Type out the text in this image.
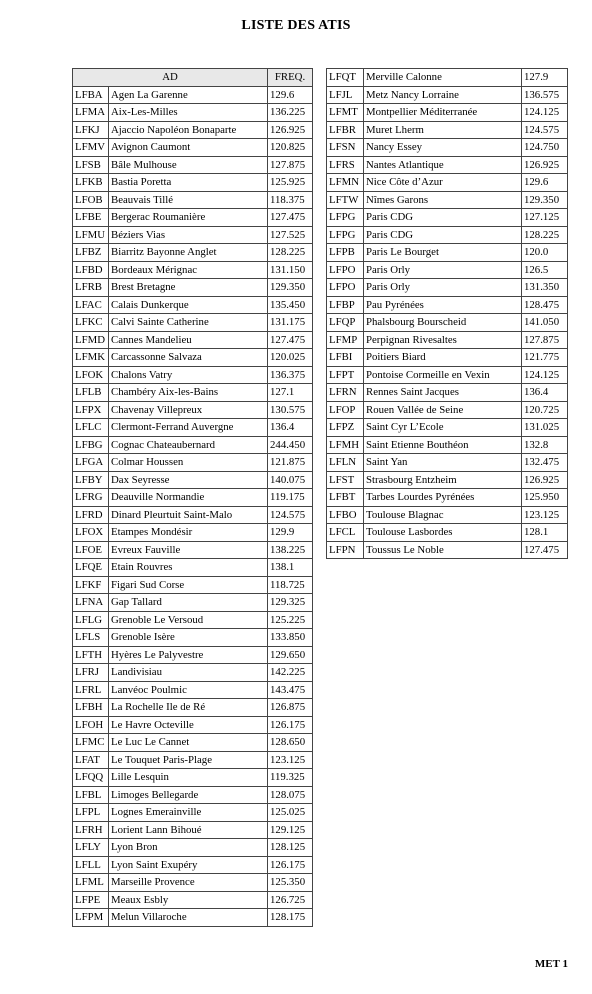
LISTE DES ATIS
AD		FREQ.
LFBA	Agen La Garenne	129.6
LFMA	Aix-Les-Milles	136.225
LFKJ	Ajaccio Napoléon Bonaparte	126.925
LFMV	Avignon Caumont	120.825
LFSB	Bâle Mulhouse	127.875
LFKB	Bastia Poretta	125.925
LFOB	Beauvais Tillé	118.375
LFBE	Bergerac Roumanière	127.475
LFMU	Béziers Vias	127.525
LFBZ	Biarritz Bayonne Anglet	128.225
LFBD	Bordeaux Mérignac	131.150
LFRB	Brest Bretagne	129.350
LFAC	Calais Dunkerque	135.450
LFKC	Calvi Sainte Catherine	131.175
LFMD	Cannes Mandelieu	127.475
LFMK	Carcassonne Salvaza	120.025
LFOK	Chalons Vatry	136.375
LFLB	Chambéry Aix-les-Bains	127.1
LFPX	Chavenay Villepreux	130.575
LFLC	Clermont-Ferrand Auvergne	136.4
LFBG	Cognac Chateaubernard	244.450
LFGA	Colmar Houssen	121.875
LFBY	Dax Seyresse	140.075
LFRG	Deauville Normandie	119.175
LFRD	Dinard Pleurtuit Saint-Malo	124.575
LFOX	Etampes Mondésir	129.9
LFOE	Evreux Fauville	138.225
LFQE	Etain Rouvres	138.1
LFKF	Figari Sud Corse	118.725
LFNA	Gap Tallard	129.325
LFLG	Grenoble Le Versoud	125.225
LFLS	Grenoble Isère	133.850
LFTH	Hyères Le Palyvestre	129.650
LFRJ	Landivisiau	142.225
LFRL	Lanvéoc Poulmic	143.475
LFBH	La Rochelle Ile de Ré	126.875
LFOH	Le Havre Octeville	126.175
LFMC	Le Luc Le Cannet	128.650
LFAT	Le Touquet Paris-Plage	123.125
LFQQ	Lille Lesquin	119.325
LFBL	Limoges Bellegarde	128.075
LFPL	Lognes Emerainville	125.025
LFRH	Lorient Lann Bihoué	129.125
LFLY	Lyon Bron	128.125
LFLL	Lyon Saint Exupéry	126.175
LFML	Marseille Provence	125.350
LFPE	Meaux Esbly	126.725
LFPM	Melun Villaroche	128.175
LFQT	Merville Calonne	127.9
LFJL	Metz Nancy Lorraine	136.575
LFMT	Montpellier Méditerranée	124.125
LFBR	Muret Lherm	124.575
LFSN	Nancy Essey	124.750
LFRS	Nantes Atlantique	126.925
LFMN	Nice Côte d’Azur	129.6
LFTW	Nîmes Garons	129.350
LFPG	Paris CDG	127.125
LFPG	Paris CDG	128.225
LFPB	Paris Le Bourget	120.0
LFPO	Paris Orly	126.5
LFPO	Paris Orly	131.350
LFBP	Pau Pyrénées	128.475
LFQP	Phalsbourg Bourscheid	141.050
LFMP	Perpignan Rivesaltes	127.875
LFBI	Poitiers Biard	121.775
LFPT	Pontoise Cormeille en Vexin	124.125
LFRN	Rennes Saint Jacques	136.4
LFOP	Rouen Vallée de Seine	120.725
LFPZ	Saint Cyr L’Ecole	131.025
LFMH	Saint Etienne Bouthéon	132.8
LFLN	Saint Yan	132.475
LFST	Strasbourg Entzheim	126.925
LFBT	Tarbes Lourdes Pyrénées	125.950
LFBO	Toulouse Blagnac	123.125
LFCL	Toulouse Lasbordes	128.1
LFPN	Toussus Le Noble	127.475
MET 1
